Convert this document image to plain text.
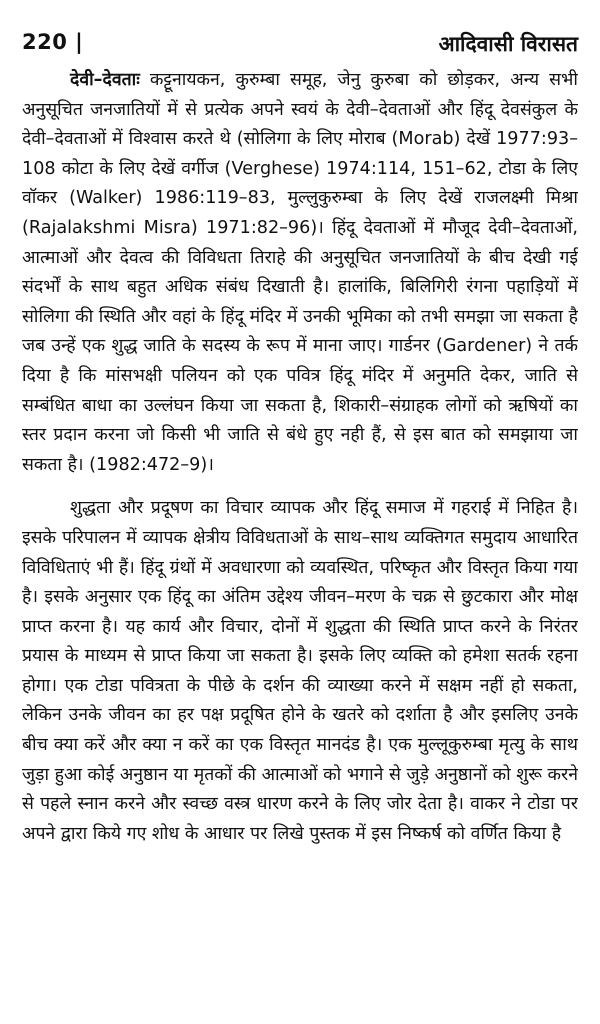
220 |	आदिवासी विरासत

देवी–देवताः कट्टूनायकन, कुरुम्बा समूह, जेनु कुरुबा को छोड़कर, अन्य सभी अनुसूचित जनजातियों में से प्रत्येक अपने स्वयं के देवी–देवताओं और हिंदू देवसंकुल के देवी–देवताओं में विश्वास करते थे (सोलिगा के लिए मोराब (Morab) देखें 1977:93–108 कोटा के लिए देखें वर्गीज (Verghese) 1974:114, 151–62, टोडा के लिए वॉकर (Walker) 1986:119–83, मुल्लुकुरुम्बा के लिए देखें राजलक्ष्मी मिश्रा (Rajalakshmi Misra) 1971:82–96)। हिंदू देवताओं में मौजूद देवी–देवताओं, आत्माओं और देवत्व की विविधता तिराहे की अनुसूचित जनजातियों के बीच देखी गई संदर्भों के साथ बहुत अधिक संबंध दिखाती है। हालांकि, बिलिगिरी रंगना पहाड़ियों में सोलिगा की स्थिति और वहां के हिंदू मंदिर में उनकी भूमिका को तभी समझा जा सकता है जब उन्हें एक शुद्ध जाति के सदस्य के रूप में माना जाए। गार्डनर (Gardener) ने तर्क दिया है कि मांसभक्षी पलियन को एक पवित्र हिंदू मंदिर में अनुमति देकर, जाति से सम्बंधित बाधा का उल्लंघन किया जा सकता है, शिकारी–संग्राहक लोगों को ऋषियों का स्तर प्रदान करना जो किसी भी जाति से बंधे हुए नही हैं, से इस बात को समझाया जा सकता है। (1982:472–9)।

शुद्धता और प्रदूषण का विचार व्यापक और हिंदू समाज में गहराई में निहित है। इसके परिपालन में व्यापक क्षेत्रीय विविधताओं के साथ–साथ व्यक्तिगत समुदाय आधारित विविधिताएं भी हैं। हिंदू ग्रंथों में अवधारणा को व्यवस्थित, परिष्कृत और विस्तृत किया गया है। इसके अनुसार एक हिंदू का अंतिम उद्देश्य जीवन–मरण के चक्र से छुटकारा और मोक्ष प्राप्त करना है। यह कार्य और विचार, दोनों में शुद्धता की स्थिति प्राप्त करने के निरंतर प्रयास के माध्यम से प्राप्त किया जा सकता है। इसके लिए व्यक्ति को हमेशा सतर्क रहना होगा। एक टोडा पवित्रता के पीछे के दर्शन की व्याख्या करने में सक्षम नहीं हो सकता, लेकिन उनके जीवन का हर पक्ष प्रदूषित होने के खतरे को दर्शाता है और इसलिए उनके बीच क्या करें और क्या न करें का एक विस्तृत मानदंड है। एक मुल्लूकुरुम्बा मृत्यु के साथ जुड़ा हुआ कोई अनुष्ठान या मृतकों की आत्माओं को भगाने से जुड़े अनुष्ठानों को शुरू करने से पहले स्नान करने और स्वच्छ वस्त्र धारण करने के लिए जोर देता है। वाकर ने टोडा पर अपने द्वारा किये गए शोध के आधार पर लिखे पुस्तक में इस निष्कर्ष को वर्णित किया है
